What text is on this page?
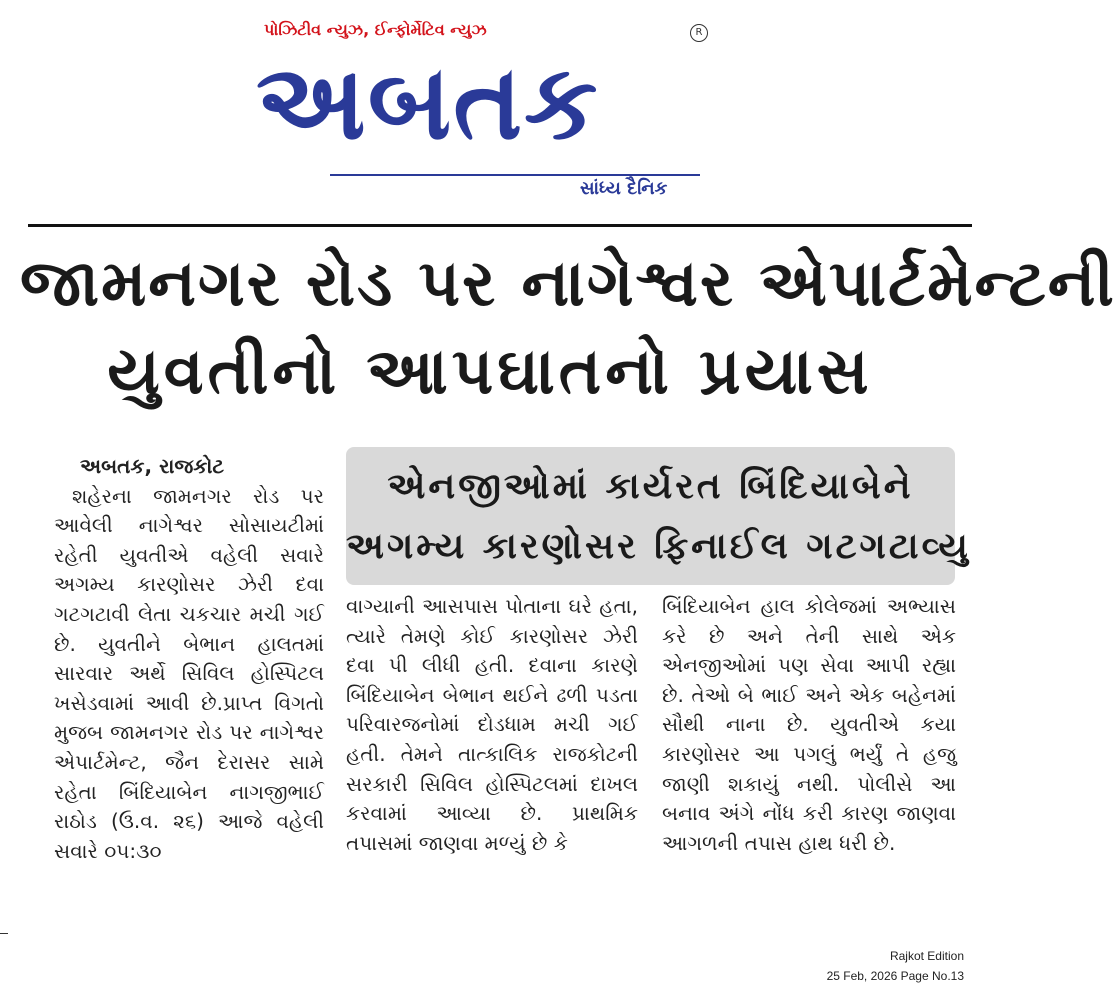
પોઝિટીવ ન્યુઝ, ઈન્ફોર્મેટિવ ન્યુઝ
અબતક
R
સાંધ્ય દૈનિક
જામનગર રોડ પર નાગેશ્વર એપાર્ટમેન્ટની
યુવતીનો આપઘાતનો પ્રયાસ
એનજીઓમાં કાર્યરત બિંદિયાબેને
અગમ્ય કારણોસર ફિનાઈલ ગટગટાવ્યુ
અબતક, રાજકોટ
શહેરના જામનગર રોડ પર આવેલી નાગેશ્વર સોસાયટીમાં રહેતી યુવતીએ વહેલી સવારે અગમ્ય કારણોસર ઝેરી દવા ગટગટાવી લેતા ચકચાર મચી ગઈ છે. યુવતીને બેભાન હાલતમાં સારવાર અર્થે સિવિલ હોસ્પિટલ ખસેડવામાં આવી છે.પ્રાપ્ત વિગતો મુજબ જામનગર રોડ પર નાગેશ્વર એપાર્ટમેન્ટ, જૈન દેરાસર સામે રહેતા બિંદિયાબેન નાગજીભાઈ રાઠોડ (ઉ.વ. ૨૬) આજે વહેલી સવારે ૦૫:૩૦
વાગ્યાની આસપાસ પોતાના ઘરે હતા, ત્યારે તેમણે કોઈ કારણોસર ઝેરી દવા પી લીધી હતી. દવાના કારણે બિંદિયાબેન બેભાન થઈને ઢળી પડતા પરિવારજનોમાં દોડધામ મચી ગઈ હતી. તેમને તાત્કાલિક રાજકોટની સરકારી સિવિલ હોસ્પિટલમાં દાખલ કરવામાં આવ્યા છે. પ્રાથમિક તપાસમાં જાણવા મળ્યું છે કે
બિંદિયાબેન હાલ કોલેજમાં અભ્યાસ કરે છે અને તેની સાથે એક એનજીઓમાં પણ સેવા આપી રહ્યા છે. તેઓ બે ભાઈ અને એક બહેનમાં સૌથી નાના છે. યુવતીએ કયા કારણોસર આ પગલું ભર્યું તે હજુ જાણી શકાયું નથી. પોલીસે આ બનાવ અંગે નોંધ કરી કારણ જાણવા આગળની તપાસ હાથ ધરી છે.
Rajkot Edition
25 Feb, 2026 Page No.13
